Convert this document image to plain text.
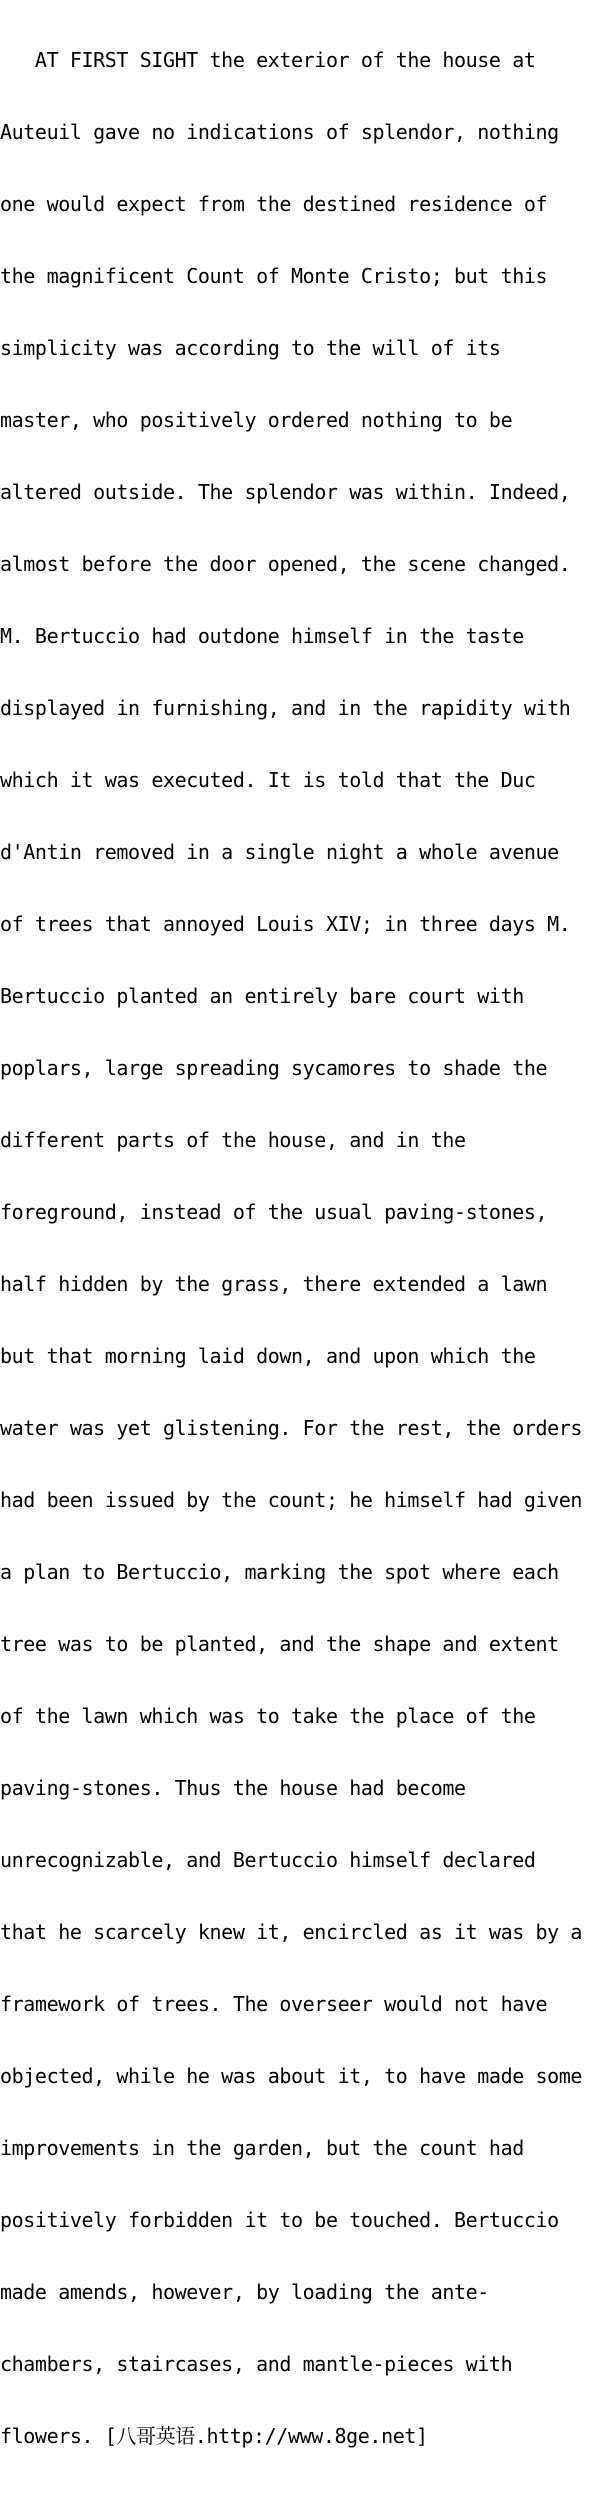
AT FIRST SIGHT the exterior of the house at

Auteuil gave no indications of splendor, nothing

one would expect from the destined residence of

the magnificent Count of Monte Cristo; but this

simplicity was according to the will of its

master, who positively ordered nothing to be

altered outside. The splendor was within. Indeed,

almost before the door opened, the scene changed.

M. Bertuccio had outdone himself in the taste

displayed in furnishing, and in the rapidity with

which it was executed. It is told that the Duc

d'Antin removed in a single night a whole avenue

of trees that annoyed Louis XIV; in three days M.

Bertuccio planted an entirely bare court with

poplars, large spreading sycamores to shade the

different parts of the house, and in the

foreground, instead of the usual paving-stones,

half hidden by the grass, there extended a lawn

but that morning laid down, and upon which the

water was yet glistening. For the rest, the orders

had been issued by the count; he himself had given

a plan to Bertuccio, marking the spot where each

tree was to be planted, and the shape and extent

of the lawn which was to take the place of the

paving-stones. Thus the house had become

unrecognizable, and Bertuccio himself declared

that he scarcely knew it, encircled as it was by a

framework of trees. The overseer would not have

objected, while he was about it, to have made some

improvements in the garden, but the count had

positively forbidden it to be touched. Bertuccio

made amends, however, by loading the ante-

chambers, staircases, and mantle-pieces with

flowers. [八哥英语.http://www.8ge.net]
